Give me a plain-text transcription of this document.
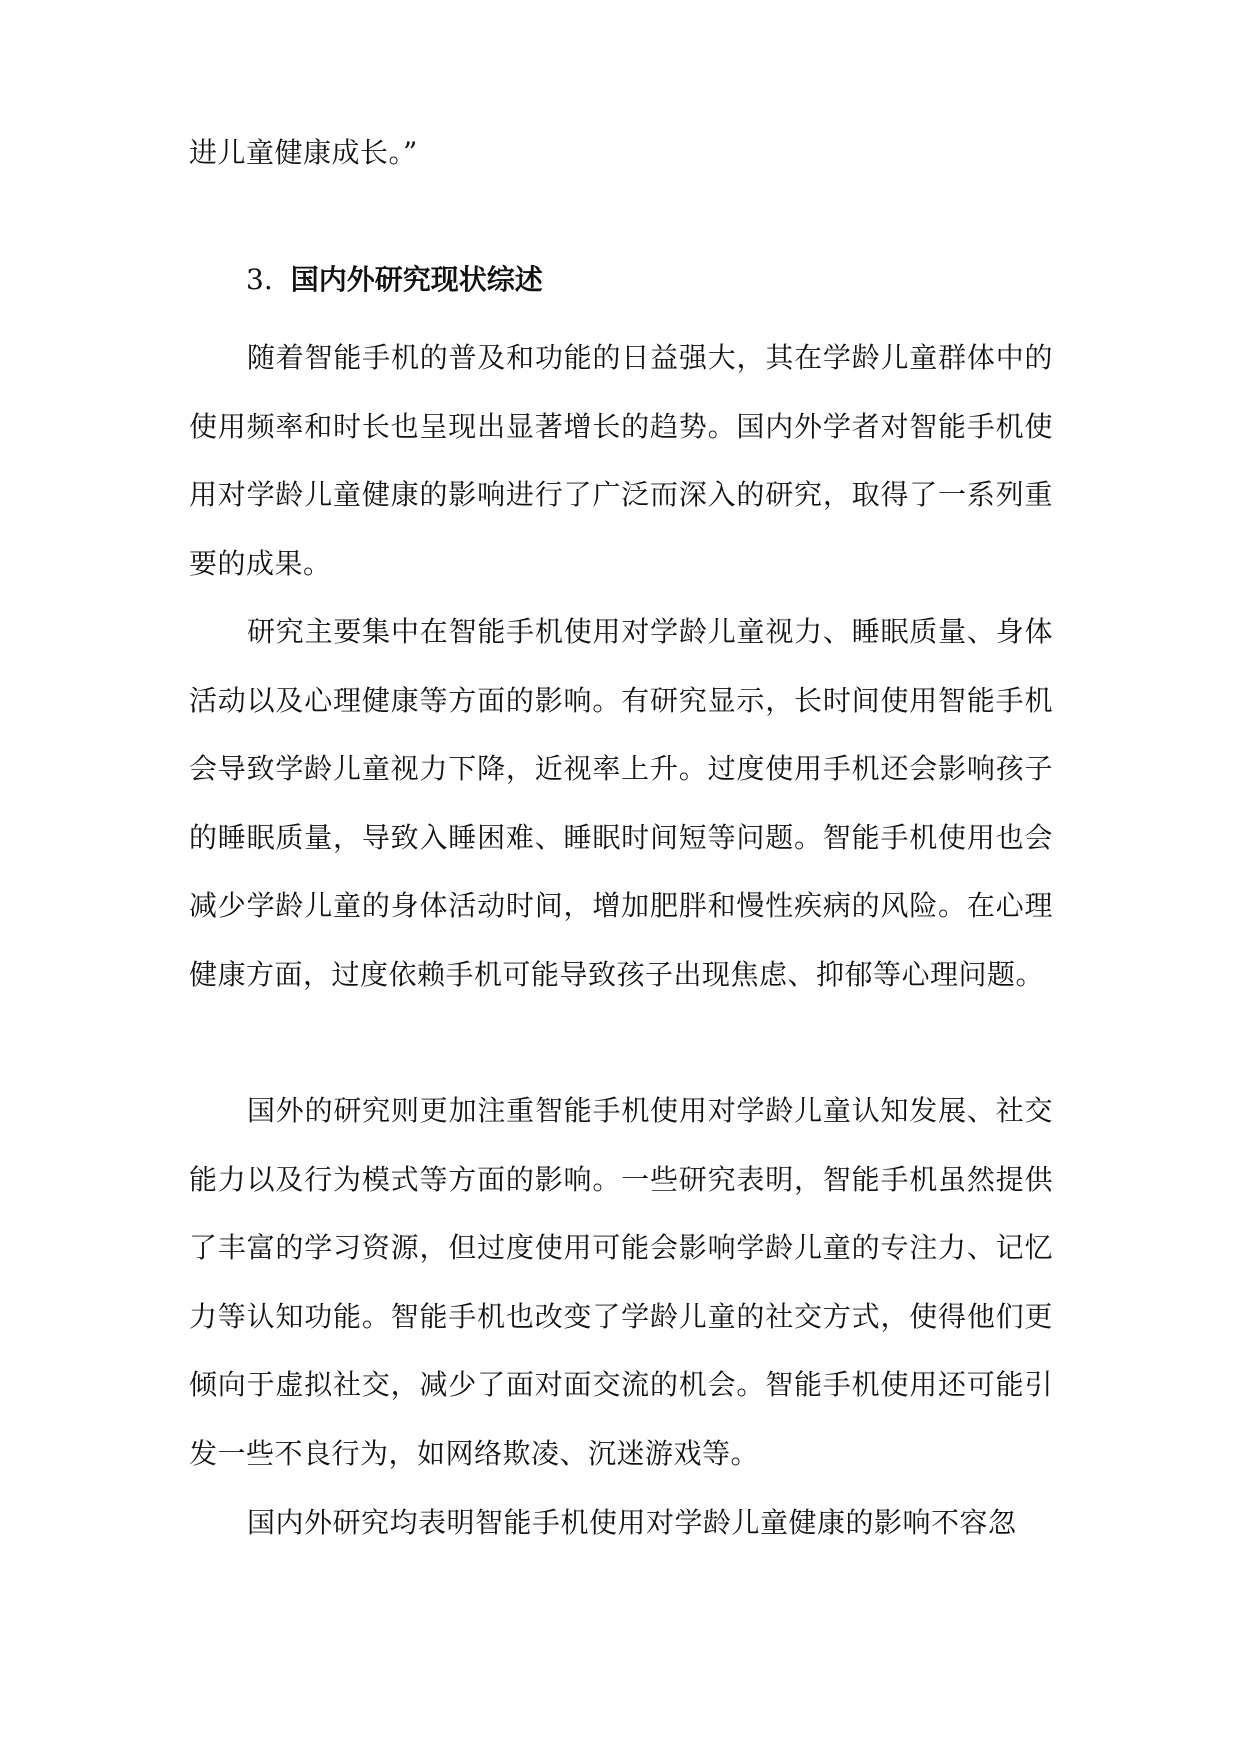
进儿童健康成长。”

3. 国内外研究现状综述

随着智能手机的普及和功能的日益强大，其在学龄儿童群体中的使用频率和时长也呈现出显著增长的趋势。国内外学者对智能手机使用对学龄儿童健康的影响进行了广泛而深入的研究，取得了一系列重要的成果。

研究主要集中在智能手机使用对学龄儿童视力、睡眠质量、身体活动以及心理健康等方面的影响。有研究显示，长时间使用智能手机会导致学龄儿童视力下降，近视率上升。过度使用手机还会影响孩子的睡眠质量，导致入睡困难、睡眠时间短等问题。智能手机使用也会减少学龄儿童的身体活动时间，增加肥胖和慢性疾病的风险。在心理健康方面，过度依赖手机可能导致孩子出现焦虑、抑郁等心理问题。

国外的研究则更加注重智能手机使用对学龄儿童认知发展、社交能力以及行为模式等方面的影响。一些研究表明，智能手机虽然提供了丰富的学习资源，但过度使用可能会影响学龄儿童的专注力、记忆力等认知功能。智能手机也改变了学龄儿童的社交方式，使得他们更倾向于虚拟社交，减少了面对面交流的机会。智能手机使用还可能引发一些不良行为，如网络欺凌、沉迷游戏等。

国内外研究均表明智能手机使用对学龄儿童健康的影响不容忽
